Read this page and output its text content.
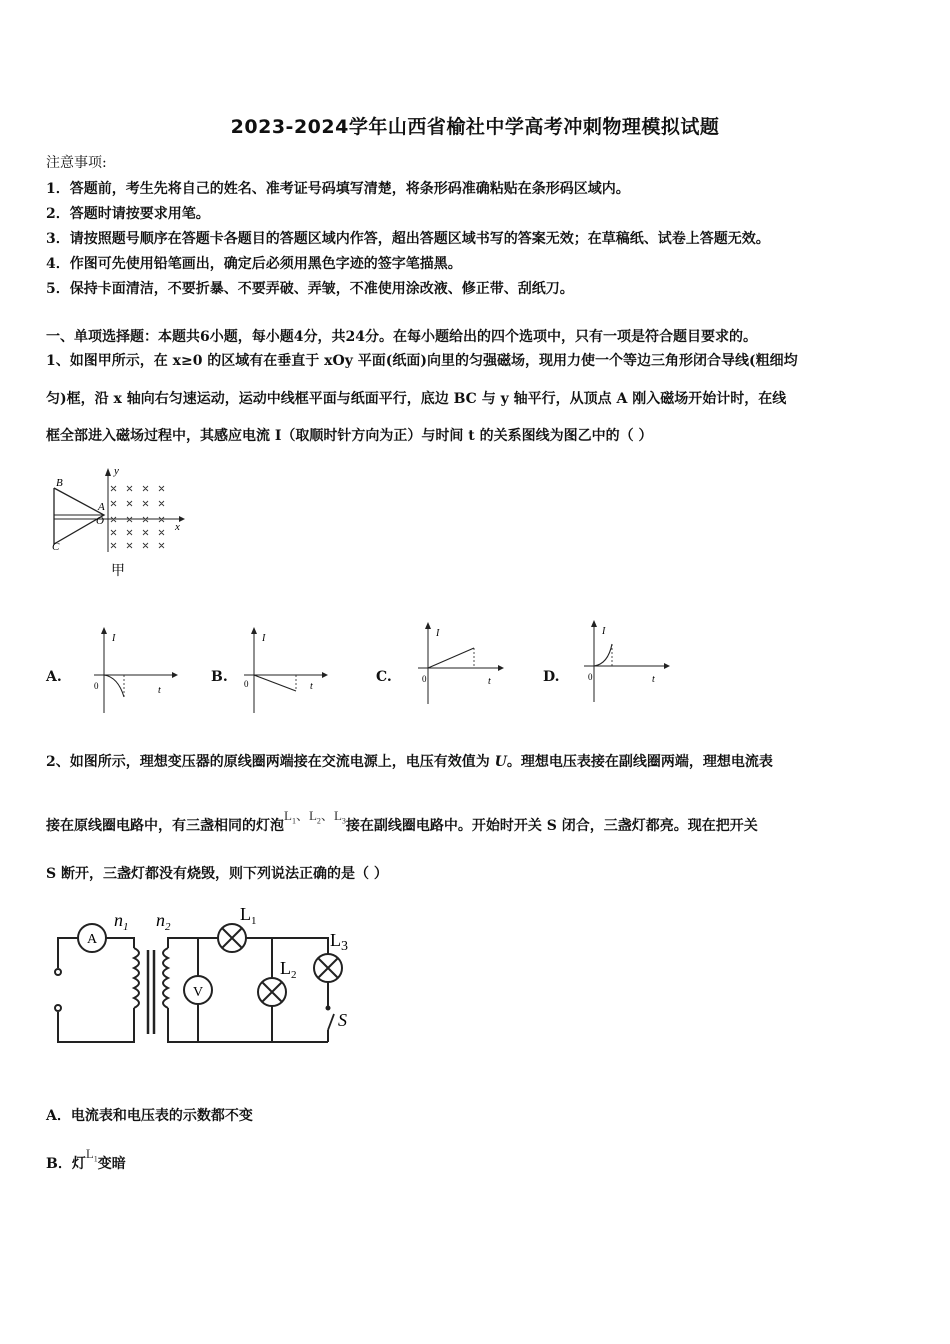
2023-2024学年山西省榆社中学高考冲刺物理模拟试题
注意事项:
1．答题前，考生先将自己的姓名、准考证号码填写清楚，将条形码准确粘贴在条形码区域内。
2．答题时请按要求用笔。
3．请按照题号顺序在答题卡各题目的答题区域内作答，超出答题区域书写的答案无效；在草稿纸、试卷上答题无效。
4．作图可先使用铅笔画出，确定后必须用黑色字迹的签字笔描黑。
5．保持卡面清洁，不要折暴、不要弄破、弄皱，不准使用涂改液、修正带、刮纸刀。
一、单项选择题：本题共6小题，每小题4分，共24分。在每小题给出的四个选项中，只有一项是符合题目要求的。
1、如图甲所示，在 x≥0 的区域有在垂直于 xOy 平面(纸面)向里的匀强磁场，现用力使一个等边三角形闭合导线(粗细均
匀)框，沿 x 轴向右匀速运动，运动中线框平面与纸面平行，底边 BC 与 y 轴平行，从顶点 A 刚入磁场开始计时，在线
框全部进入磁场过程中，其感应电流 I（取顺时针方向为正）与时间 t 的关系图线为图乙中的（ ）
B
A
C
O	x
y
甲
A.
I
t
0
B.
I
t
0	C.
I
t
0	D.
I
t
0
2、如图所示，理想变压器的原线圈两端接在交流电源上，电压有效值为 U。理想电压表接在副线圈两端，理想电流表
接在原线圈电路中，有三盏相同的灯泡$L_1$、$L_2$、$L_3$接在副线圈电路中。开始时开关 S 闭合，三盏灯都亮。现在把开关
S 断开，三盏灯都没有烧毁，则下列说法正确的是（ ）
A
V
$n_1$ $n_2$
$L_1$
$L_2$
$L_3$
S
A．电流表和电压表的示数都不变
B．灯$L_1$变暗
